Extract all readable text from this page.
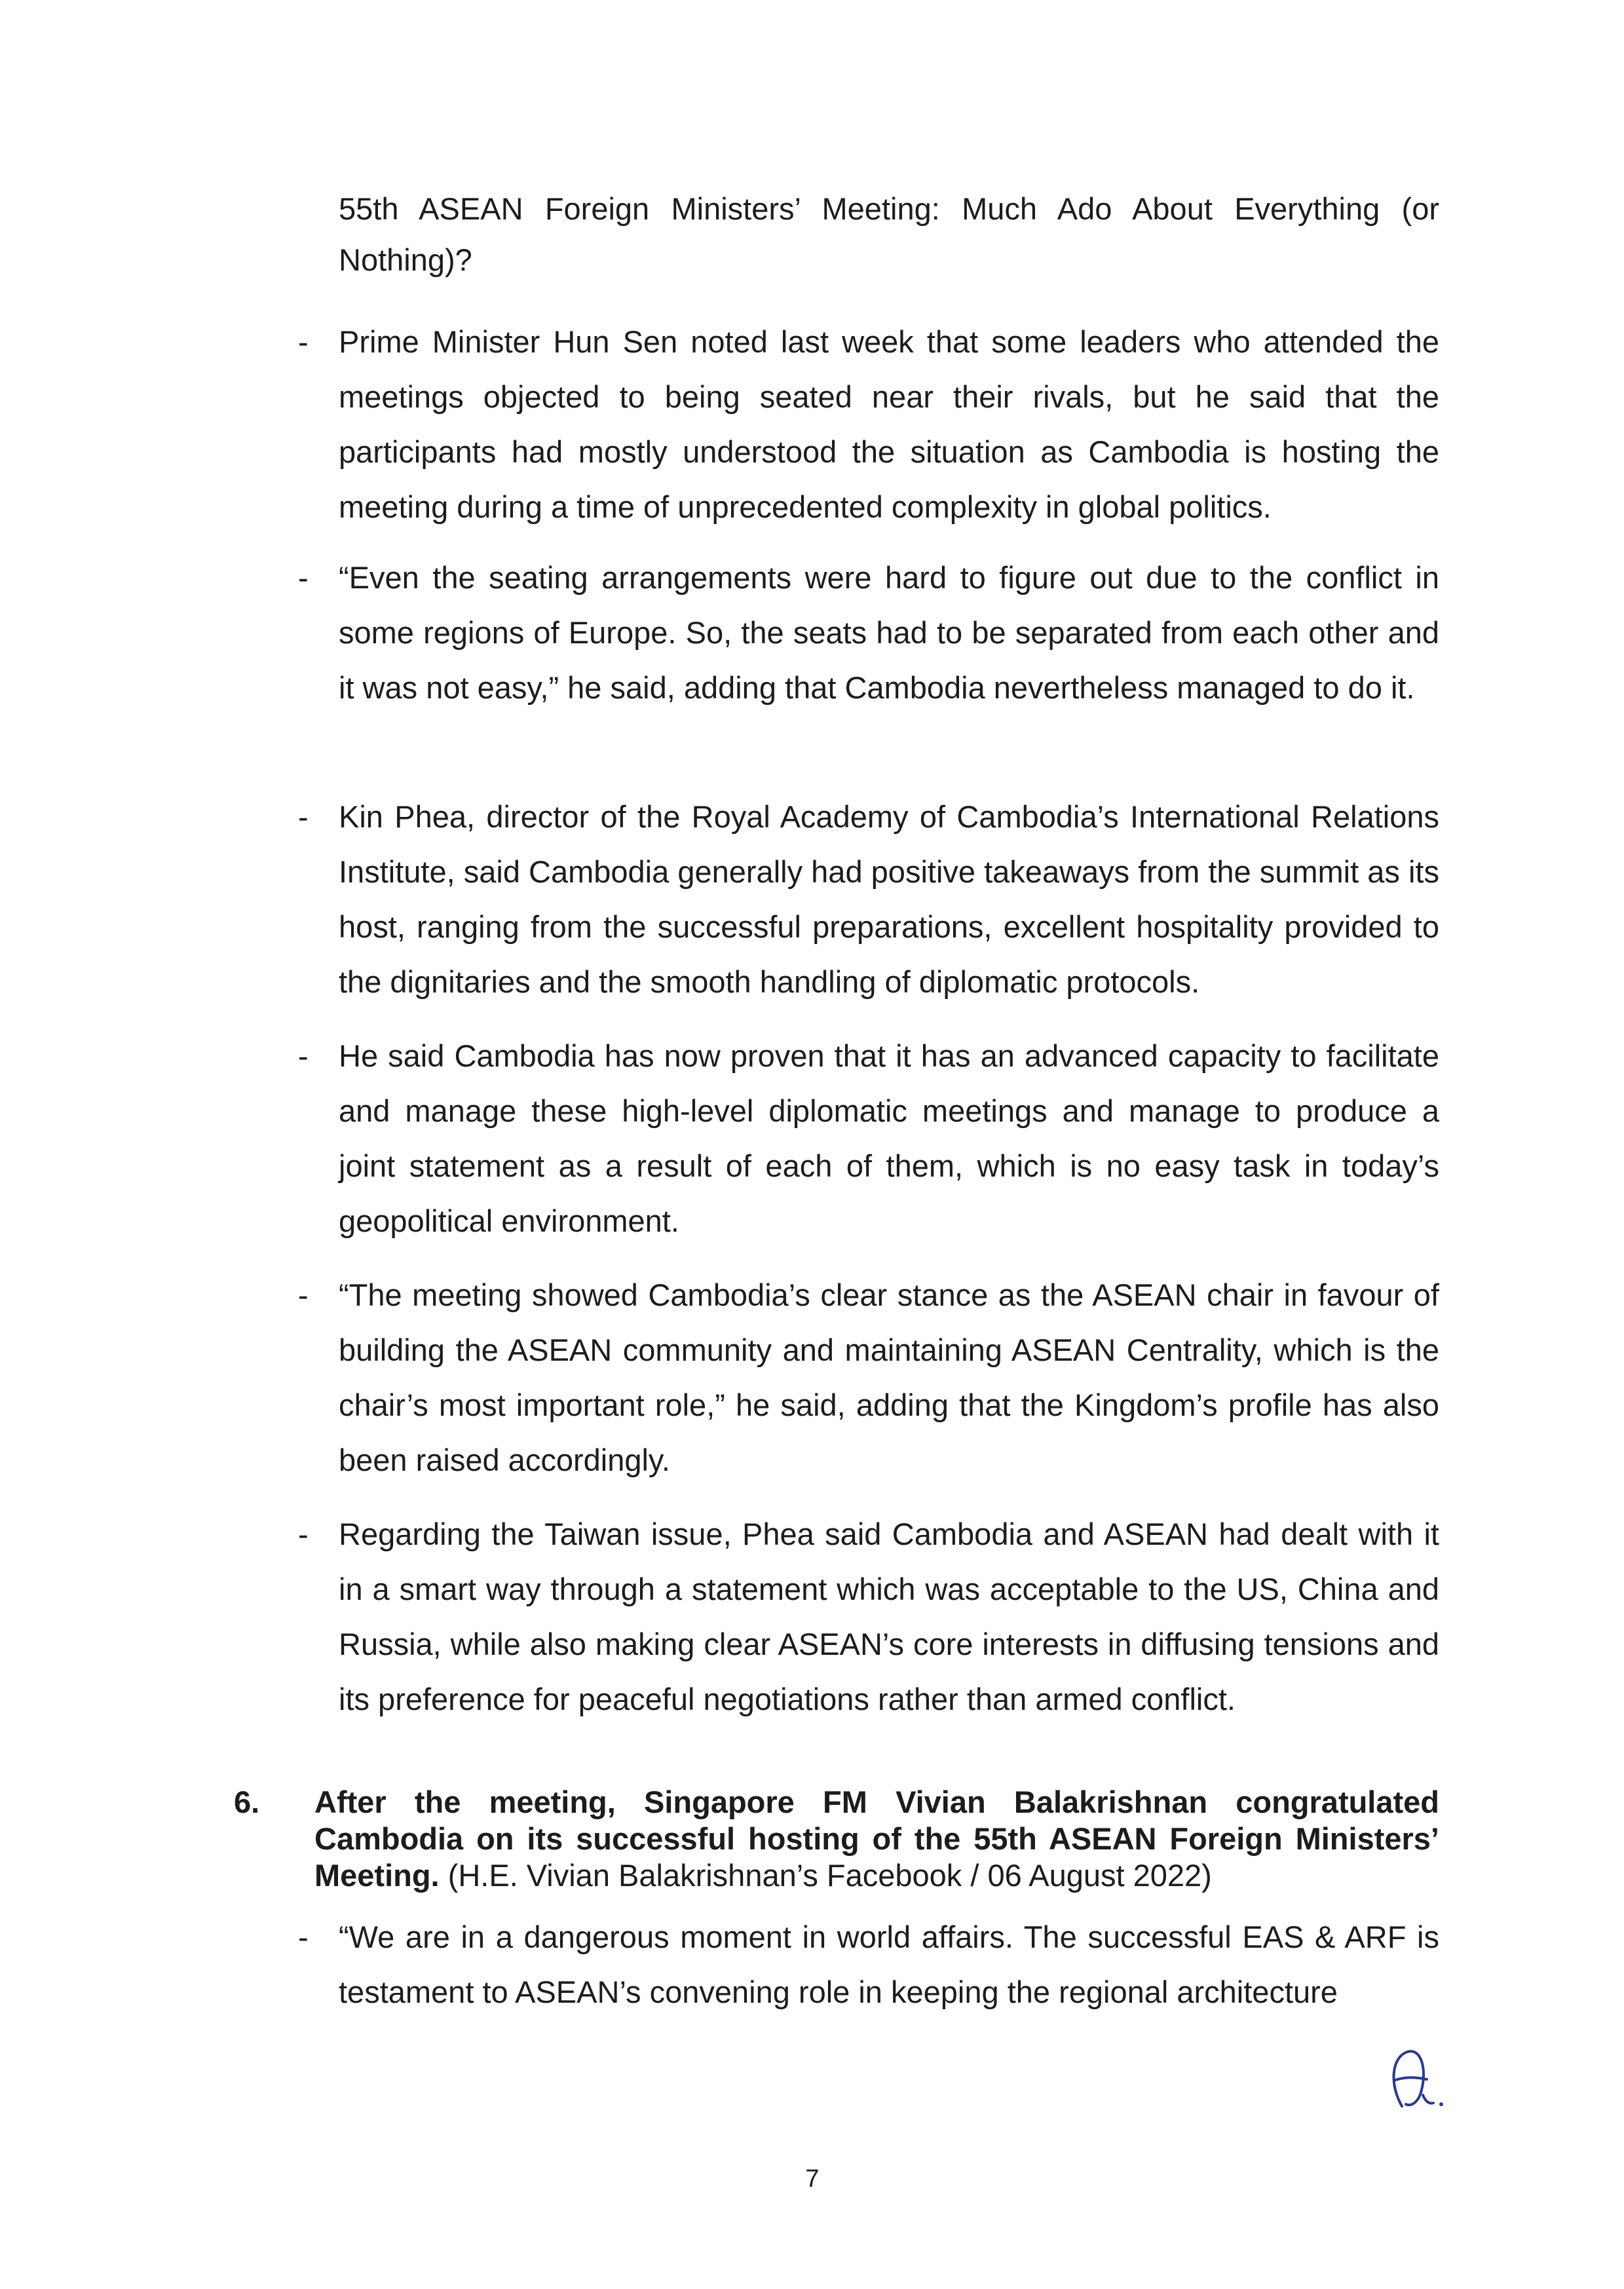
55th ASEAN Foreign Ministers’ Meeting: Much Ado About Everything (or Nothing)?

- Prime Minister Hun Sen noted last week that some leaders who attended the meetings objected to being seated near their rivals, but he said that the participants had mostly understood the situation as Cambodia is hosting the meeting during a time of unprecedented complexity in global politics.

- “Even the seating arrangements were hard to figure out due to the conflict in some regions of Europe. So, the seats had to be separated from each other and it was not easy,” he said, adding that Cambodia nevertheless managed to do it.

- Kin Phea, director of the Royal Academy of Cambodia’s International Relations Institute, said Cambodia generally had positive takeaways from the summit as its host, ranging from the successful preparations, excellent hospitality provided to the dignitaries and the smooth handling of diplomatic protocols.

- He said Cambodia has now proven that it has an advanced capacity to facilitate and manage these high-level diplomatic meetings and manage to produce a joint statement as a result of each of them, which is no easy task in today’s geopolitical environment.

- “The meeting showed Cambodia’s clear stance as the ASEAN chair in favour of building the ASEAN community and maintaining ASEAN Centrality, which is the chair’s most important role,” he said, adding that the Kingdom’s profile has also been raised accordingly.

- Regarding the Taiwan issue, Phea said Cambodia and ASEAN had dealt with it in a smart way through a statement which was acceptable to the US, China and Russia, while also making clear ASEAN’s core interests in diffusing tensions and its preference for peaceful negotiations rather than armed conflict.

6. After the meeting, Singapore FM Vivian Balakrishnan congratulated Cambodia on its successful hosting of the 55th ASEAN Foreign Ministers’ Meeting. (H.E. Vivian Balakrishnan’s Facebook / 06 August 2022)

- “We are in a dangerous moment in world affairs. The successful EAS & ARF is testament to ASEAN’s convening role in keeping the regional architecture

7
